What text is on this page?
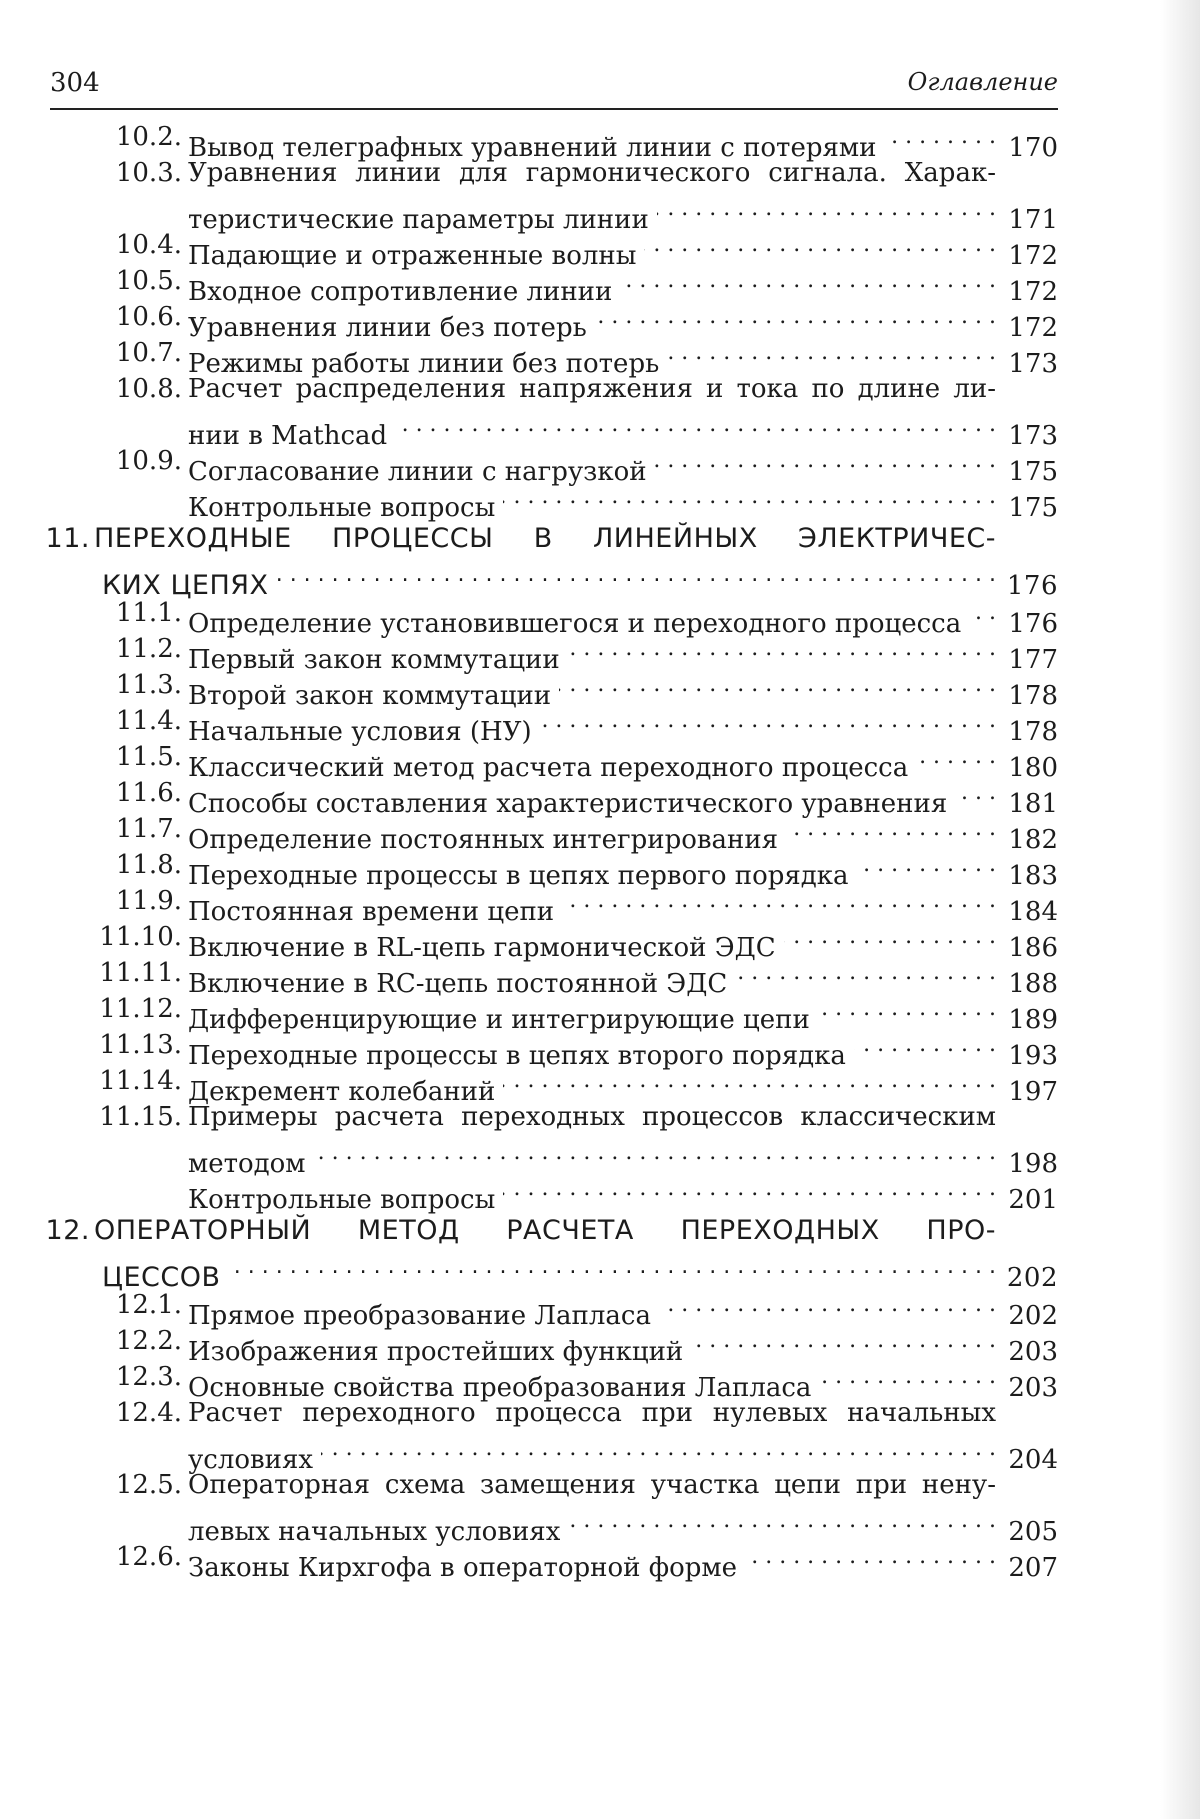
304	Оглавление
10.2. Вывод телеграфных уравнений линии с потерями . . .	170
10.3. Уравнения линии для гармонического сигнала. Харак-
теристические параметры линии . . .	171
10.4. Падающие и отраженные волны . . .	172
10.5. Входное сопротивление линии . . .	172
10.6. Уравнения линии без потерь . . .	172
10.7. Режимы работы линии без потерь . . .	173
10.8. Расчет распределения напряжения и тока по длине ли-
нии в Mathcad . . .	173
10.9. Согласование линии с нагрузкой . . .	175
Контрольные вопросы . . .	175
11. ПЕРЕХОДНЫЕ ПРОЦЕССЫ В ЛИНЕЙНЫХ ЭЛЕКТРИЧЕС-
КИХ ЦЕПЯХ . . .	176
11.1. Определение установившегося и переходного процесса . . . 176
11.2. Первый закон коммутации . . .	177
11.3. Второй закон коммутации . . .	178
11.4. Начальные условия (НУ) . . .	178
11.5. Классический метод расчета переходного процесса . . .	180
11.6. Способы составления характеристического уравнения . . . 181
11.7. Определение постоянных интегрирования . . .	182
11.8. Переходные процессы в цепях первого порядка . . .	183
11.9. Постоянная времени цепи . . .	184
11.10. Включение в RL-цепь гармонической ЭДС . . .	186
11.11. Включение в RC-цепь постоянной ЭДС . . .	188
11.12. Дифференцирующие и интегрирующие цепи . . .	189
11.13. Переходные процессы в цепях второго порядка . . .	193
11.14. Декремент колебаний . . .	197
11.15. Примеры расчета переходных процессов классическим
методом . . .	198
Контрольные вопросы . . .	201
12. ОПЕРАТОРНЫЙ МЕТОД РАСЧЕТА ПЕРЕХОДНЫХ ПРО-
ЦЕССОВ . . .	202
12.1. Прямое преобразование Лапласа . . .	202
12.2. Изображения простейших функций . . .	203
12.3. Основные свойства преобразования Лапласа . . .	203
12.4. Расчет переходного процесса при нулевых начальных
условиях . . .	204
12.5. Операторная схема замещения участка цепи при нену-
левых начальных условиях . . .	205
12.6. Законы Кирхгофа в операторной форме . . .	207
